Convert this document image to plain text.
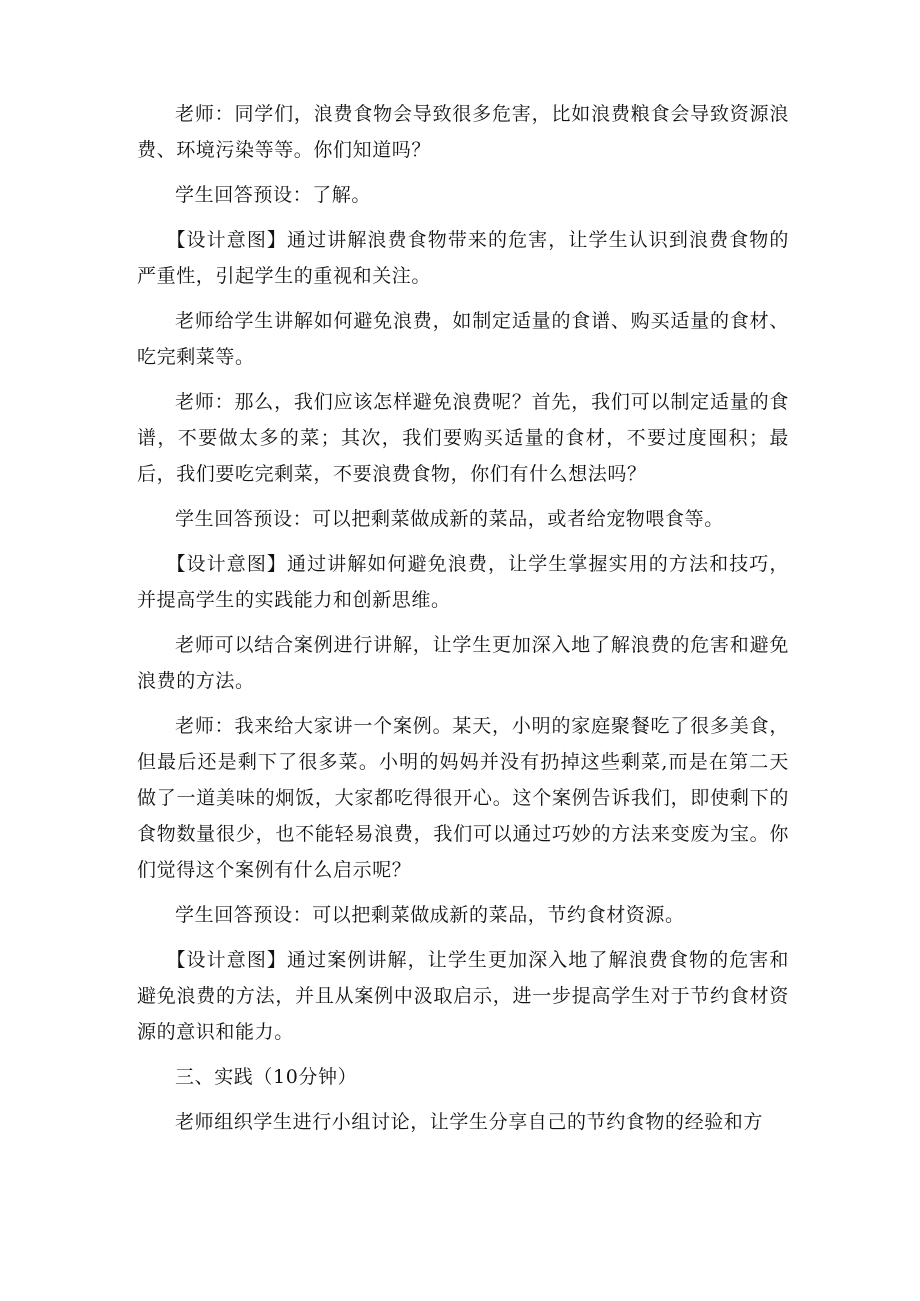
老师：同学们，浪费食物会导致很多危害，比如浪费粮食会导致资源浪费、环境污染等等。你们知道吗？

学生回答预设：了解。

【设计意图】通过讲解浪费食物带来的危害，让学生认识到浪费食物的严重性，引起学生的重视和关注。

老师给学生讲解如何避免浪费，如制定适量的食谱、购买适量的食材、吃完剩菜等。

老师：那么，我们应该怎样避免浪费呢？首先，我们可以制定适量的食谱，不要做太多的菜；其次，我们要购买适量的食材，不要过度囤积；最后，我们要吃完剩菜，不要浪费食物，你们有什么想法吗？

学生回答预设：可以把剩菜做成新的菜品，或者给宠物喂食等。

【设计意图】通过讲解如何避免浪费，让学生掌握实用的方法和技巧，并提高学生的实践能力和创新思维。

老师可以结合案例进行讲解，让学生更加深入地了解浪费的危害和避免浪费的方法。

老师：我来给大家讲一个案例。某天，小明的家庭聚餐吃了很多美食，但最后还是剩下了很多菜。小明的妈妈并没有扔掉这些剩菜,而是在第二天做了一道美味的炯饭，大家都吃得很开心。这个案例告诉我们，即使剩下的食物数量很少，也不能轻易浪费，我们可以通过巧妙的方法来变废为宝。你们觉得这个案例有什么启示呢？

学生回答预设：可以把剩菜做成新的菜品，节约食材资源。

【设计意图】通过案例讲解，让学生更加深入地了解浪费食物的危害和避免浪费的方法，并且从案例中汲取启示，进一步提高学生对于节约食材资源的意识和能力。

三、实践（10分钟）

老师组织学生进行小组讨论，让学生分享自己的节约食物的经验和方
